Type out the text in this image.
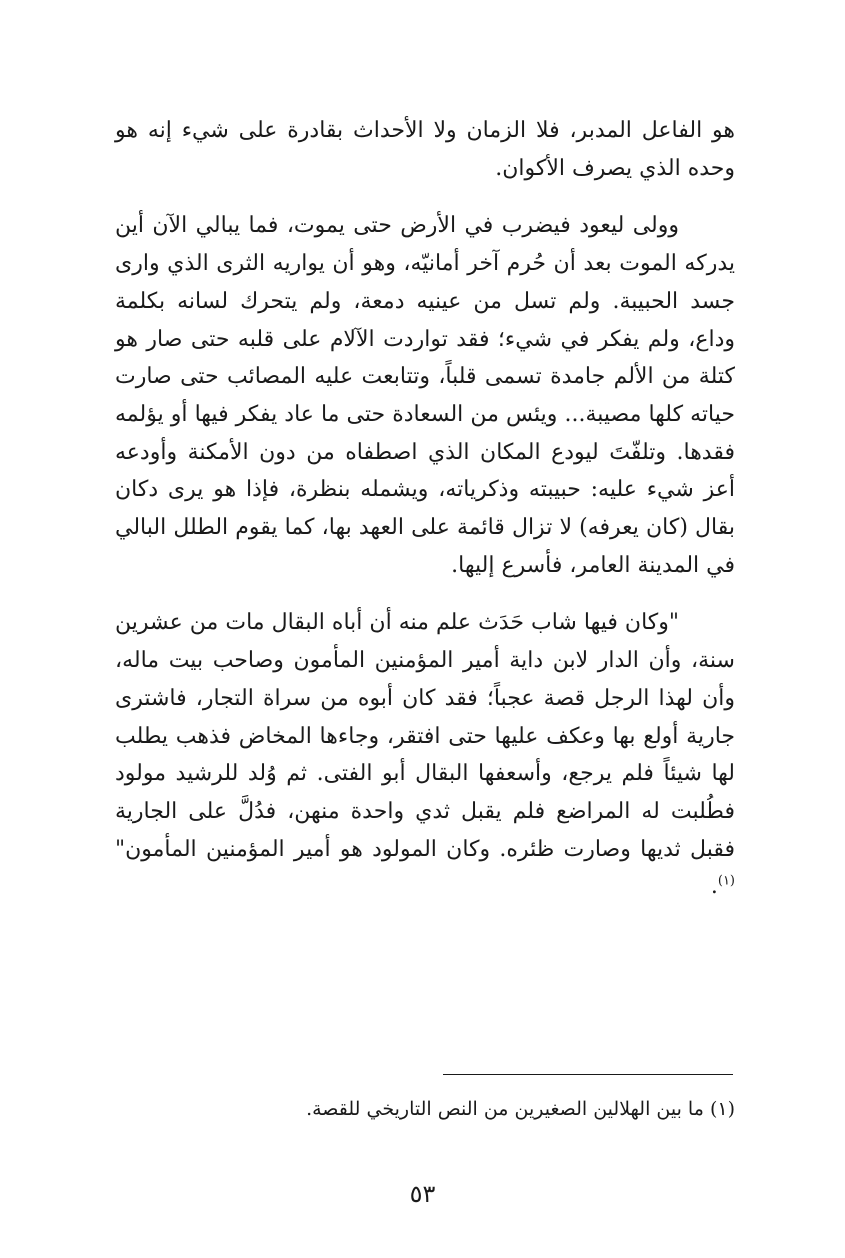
هو الفاعل المدبر، فلا الزمان ولا الأحداث بقادرة على شيء إنه هو وحده الذي يصرف الأكوان.

وولى ليعود فيضرب في الأرض حتى يموت، فما يبالي الآن أين يدركه الموت بعد أن حُرم آخر أمانيّه، وهو أن يواريه الثرى الذي وارى جسد الحبيبة. ولم تسل من عينيه دمعة، ولم يتحرك لسانه بكلمة وداع، ولم يفكر في شيء؛ فقد تواردت الآلام على قلبه حتى صار هو كتلة من الألم جامدة تسمى قلباً، وتتابعت عليه المصائب حتى صارت حياته كلها مصيبة... ويئس من السعادة حتى ما عاد يفكر فيها أو يؤلمه فقدها. وتلفّتَ ليودع المكان الذي اصطفاه من دون الأمكنة وأودعه أعز شيء عليه: حبيبته وذكرياته، ويشمله بنظرة، فإذا هو يرى دكان بقال (كان يعرفه) لا تزال قائمة على العهد بها، كما يقوم الطلل البالي في المدينة العامر، فأسرع إليها.

"وكان فيها شاب حَدَث علم منه أن أباه البقال مات من عشرين سنة، وأن الدار لابن داية أمير المؤمنين المأمون وصاحب بيت ماله، وأن لهذا الرجل قصة عجباً؛ فقد كان أبوه من سراة التجار، فاشترى جارية أولع بها وعكف عليها حتى افتقر، وجاءها المخاض فذهب يطلب لها شيئاً فلم يرجع، وأسعفها البقال أبو الفتى. ثم وُلد للرشيد مولود فطُلبت له المراضع فلم يقبل ثدي واحدة منهن، فدُلَّ على الجارية فقبل ثديها وصارت ظئره. وكان المولود هو أمير المؤمنين المأمون"$^{(١)}$.

(١) ما بين الهلالين الصغيرين من النص التاريخي للقصة.
٥٣
